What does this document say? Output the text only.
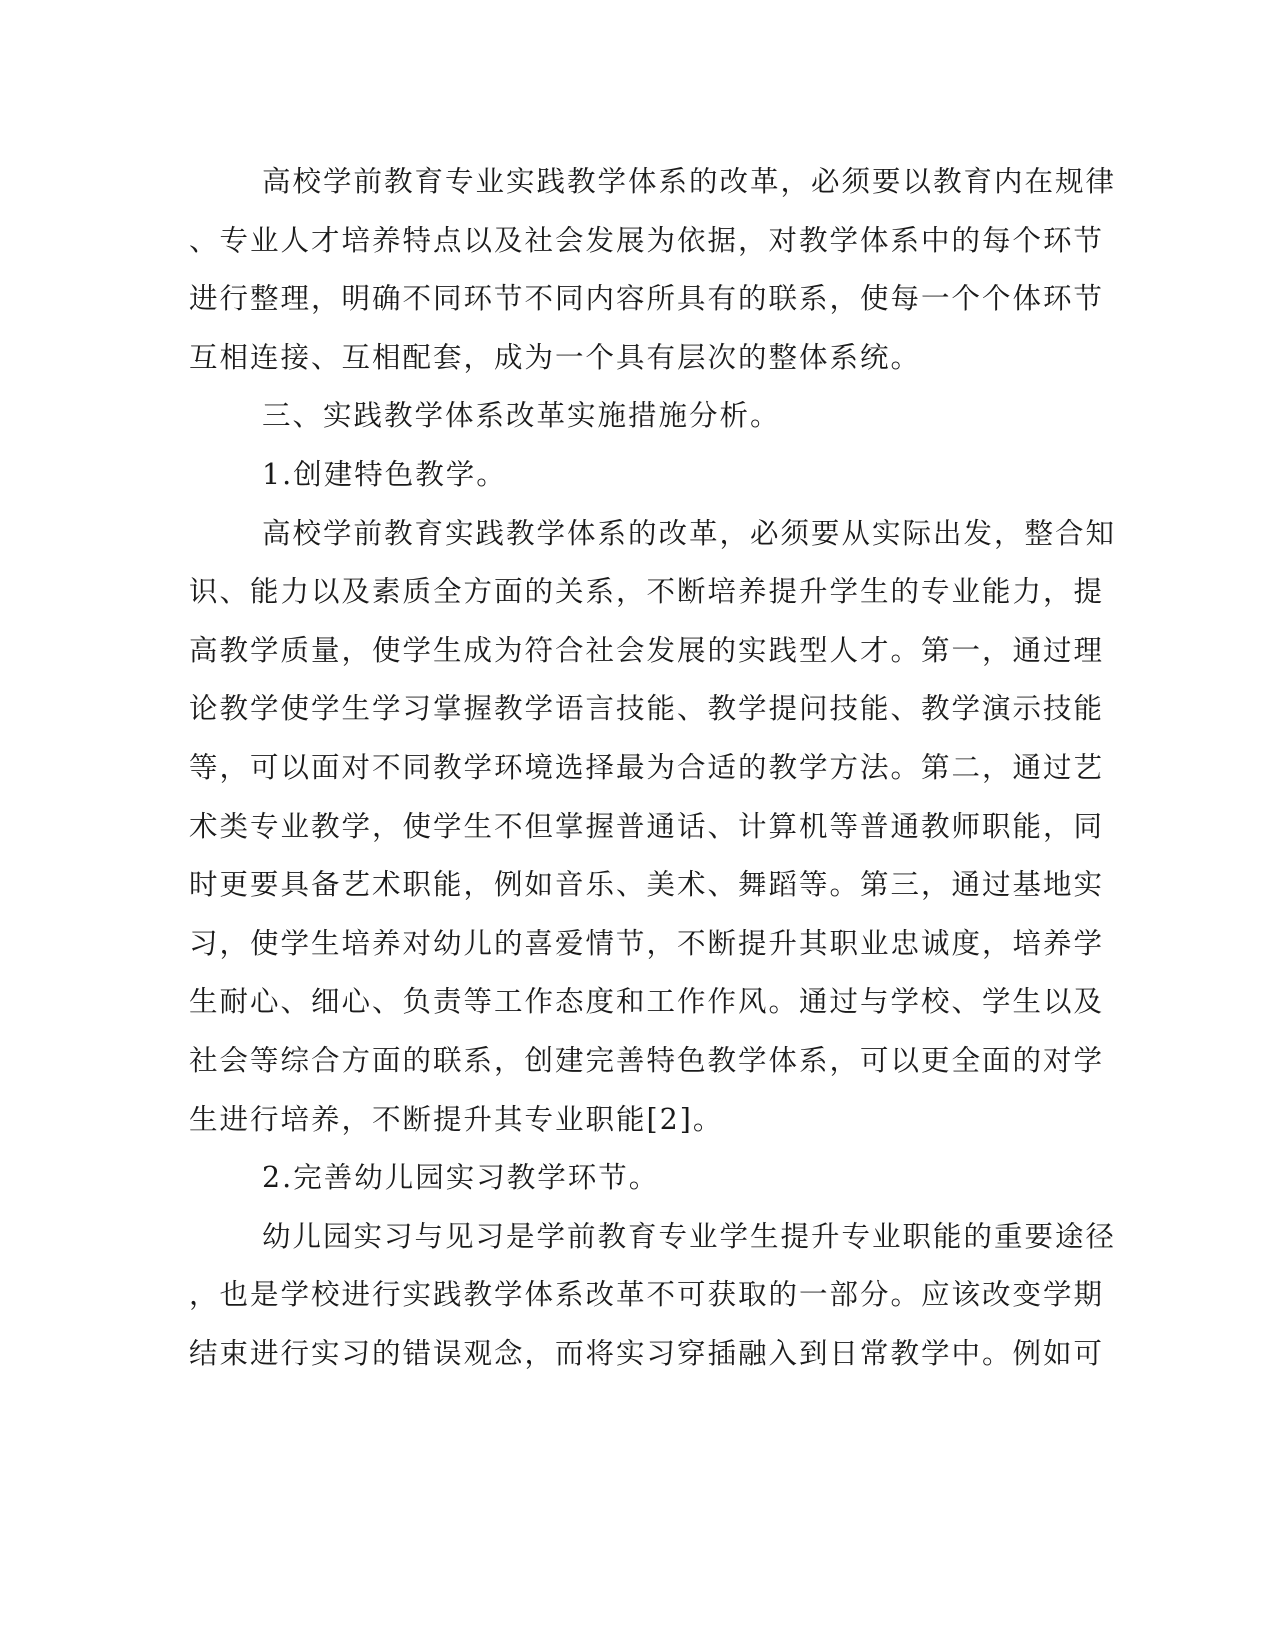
高校学前教育专业实践教学体系的改革，必须要以教育内在规律
、专业人才培养特点以及社会发展为依据，对教学体系中的每个环节
进行整理，明确不同环节不同内容所具有的联系，使每一个个体环节
互相连接、互相配套，成为一个具有层次的整体系统。
三、实践教学体系改革实施措施分析。
1.创建特色教学。
高校学前教育实践教学体系的改革，必须要从实际出发，整合知
识、能力以及素质全方面的关系，不断培养提升学生的专业能力，提
高教学质量，使学生成为符合社会发展的实践型人才。第一，通过理
论教学使学生学习掌握教学语言技能、教学提问技能、教学演示技能
等，可以面对不同教学环境选择最为合适的教学方法。第二，通过艺
术类专业教学，使学生不但掌握普通话、计算机等普通教师职能，同
时更要具备艺术职能，例如音乐、美术、舞蹈等。第三，通过基地实
习，使学生培养对幼儿的喜爱情节，不断提升其职业忠诚度，培养学
生耐心、细心、负责等工作态度和工作作风。通过与学校、学生以及
社会等综合方面的联系，创建完善特色教学体系，可以更全面的对学
生进行培养，不断提升其专业职能[2]。
2.完善幼儿园实习教学环节。
幼儿园实习与见习是学前教育专业学生提升专业职能的重要途径
，也是学校进行实践教学体系改革不可获取的一部分。应该改变学期
结束进行实习的错误观念，而将实习穿插融入到日常教学中。例如可
